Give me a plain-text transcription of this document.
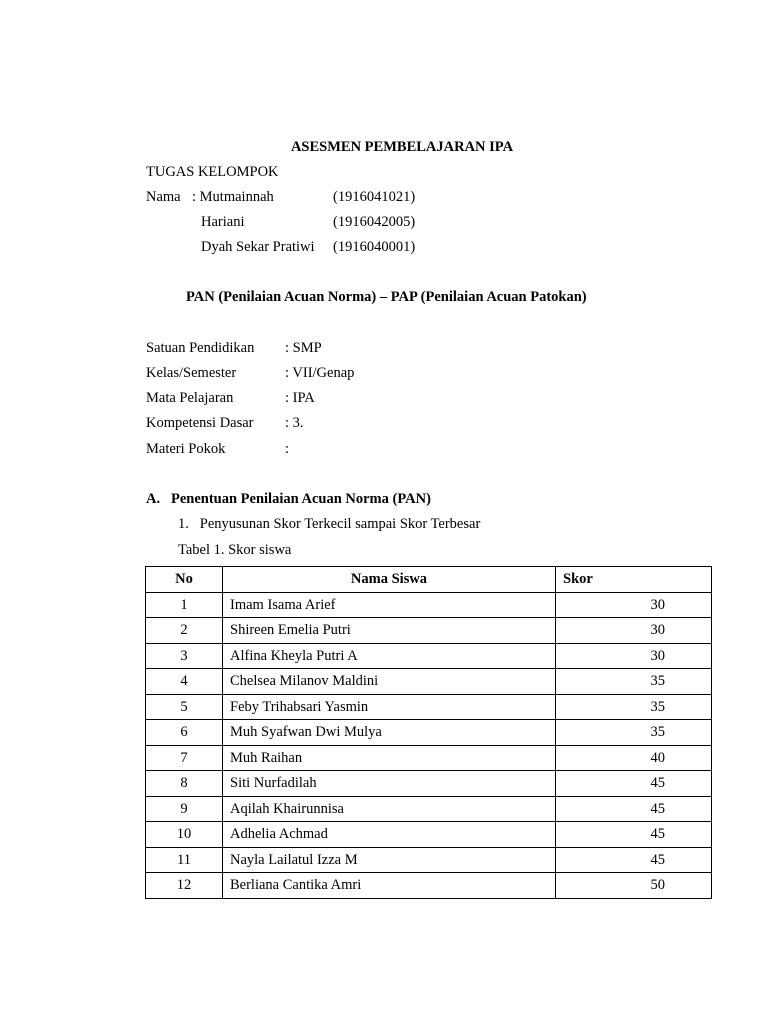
ASESMEN PEMBELAJARAN IPA
TUGAS KELOMPOK
Nama : Mutmainnah	(1916041021)
Hariani	(1916042005)
Dyah Sekar Pratiwi (1916040001)
PAN (Penilaian Acuan Norma) – PAP (Penilaian Acuan Patokan)
Satuan Pendidikan : SMP
Kelas/Semester	: VII/Genap
Mata Pelajaran	: IPA
Kompetensi Dasar : 3.
Materi Pokok	:
A.   Penentuan Penilaian Acuan Norma (PAN)
1.   Penyusunan Skor Terkecil sampai Skor Terbesar
Tabel 1. Skor siswa
No	Nama Siswa	Skor
1	Imam Isama Arief	30
2	Shireen Emelia Putri	30
3	Alfina Kheyla Putri A	30
4	Chelsea Milanov Maldini	35
5	Feby Trihabsari Yasmin	35
6	Muh Syafwan Dwi Mulya	35
7	Muh Raihan	40
8	Siti Nurfadilah	45
9	Aqilah Khairunnisa	45
10	Adhelia Achmad	45
11	Nayla Lailatul Izza M	45
12	Berliana Cantika Amri	50
